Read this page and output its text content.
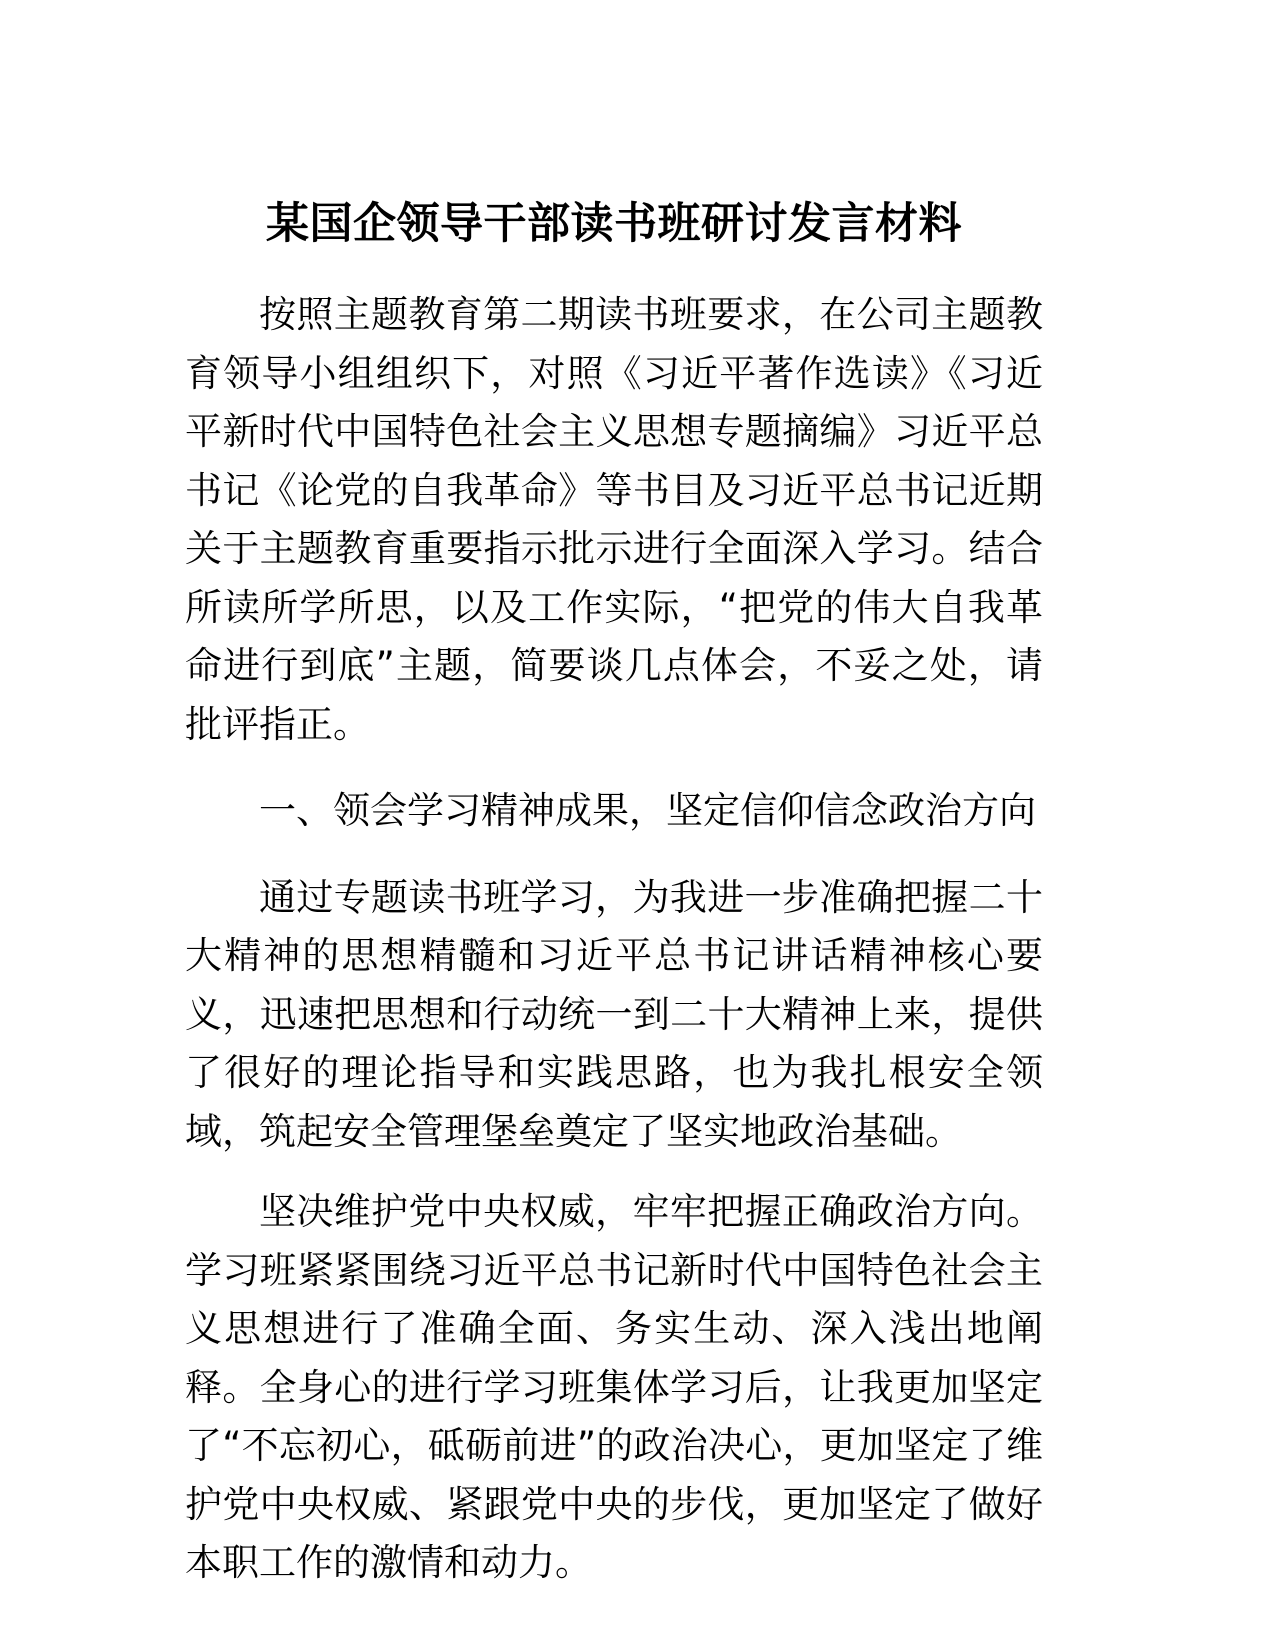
某国企领导干部读书班研讨发言材料

按照主题教育第二期读书班要求，在公司主题教育领导小组组织下，对照《习近平著作选读》《习近平新时代中国特色社会主义思想专题摘编》习近平总书记《论党的自我革命》等书目及习近平总书记近期关于主题教育重要指示批示进行全面深入学习。结合所读所学所思，以及工作实际，“把党的伟大自我革命进行到底”主题，简要谈几点体会，不妥之处，请批评指正。

一、领会学习精神成果，坚定信仰信念政治方向

通过专题读书班学习，为我进一步准确把握二十大精神的思想精髓和习近平总书记讲话精神核心要义，迅速把思想和行动统一到二十大精神上来，提供了很好的理论指导和实践思路，也为我扎根安全领域，筑起安全管理堡垒奠定了坚实地政治基础。

坚决维护党中央权威，牢牢把握正确政治方向。学习班紧紧围绕习近平总书记新时代中国特色社会主义思想进行了准确全面、务实生动、深入浅出地阐释。全身心的进行学习班集体学习后，让我更加坚定了“不忘初心，砥砺前进”的政治决心，更加坚定了维护党中央权威、紧跟党中央的步伐，更加坚定了做好本职工作的激情和动力。
